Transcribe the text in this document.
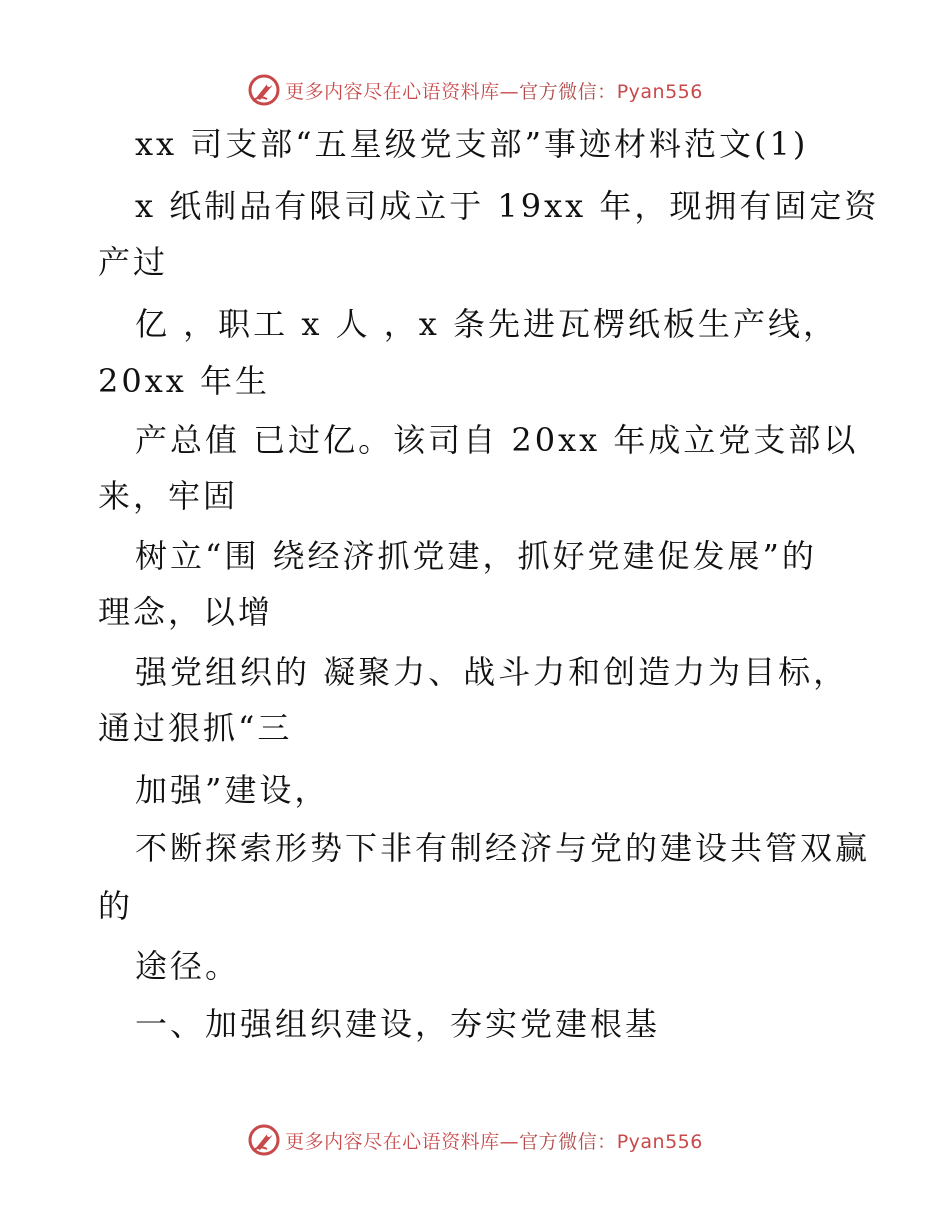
更多内容尽在心语资料库—官方微信：Pyan556
xx 司支部“五星级党支部”事迹材料范文(1)
x 纸制品有限司成立于 19xx 年，现拥有固定资
产过
亿 ，职工 x 人 ，x 条先进瓦楞纸板生产线，
20xx 年生
产总值 已过亿。该司自 20xx 年成立党支部以
来，牢固
树立“围 绕经济抓党建，抓好党建促发展”的
理念，以增
强党组织的 凝聚力、战斗力和创造力为目标，
通过狠抓“三
加强”建设，
不断探索形势下非有制经济与党的建设共管双赢
的
途径。
一、加强组织建设，夯实党建根基
更多内容尽在心语资料库—官方微信：Pyan556
